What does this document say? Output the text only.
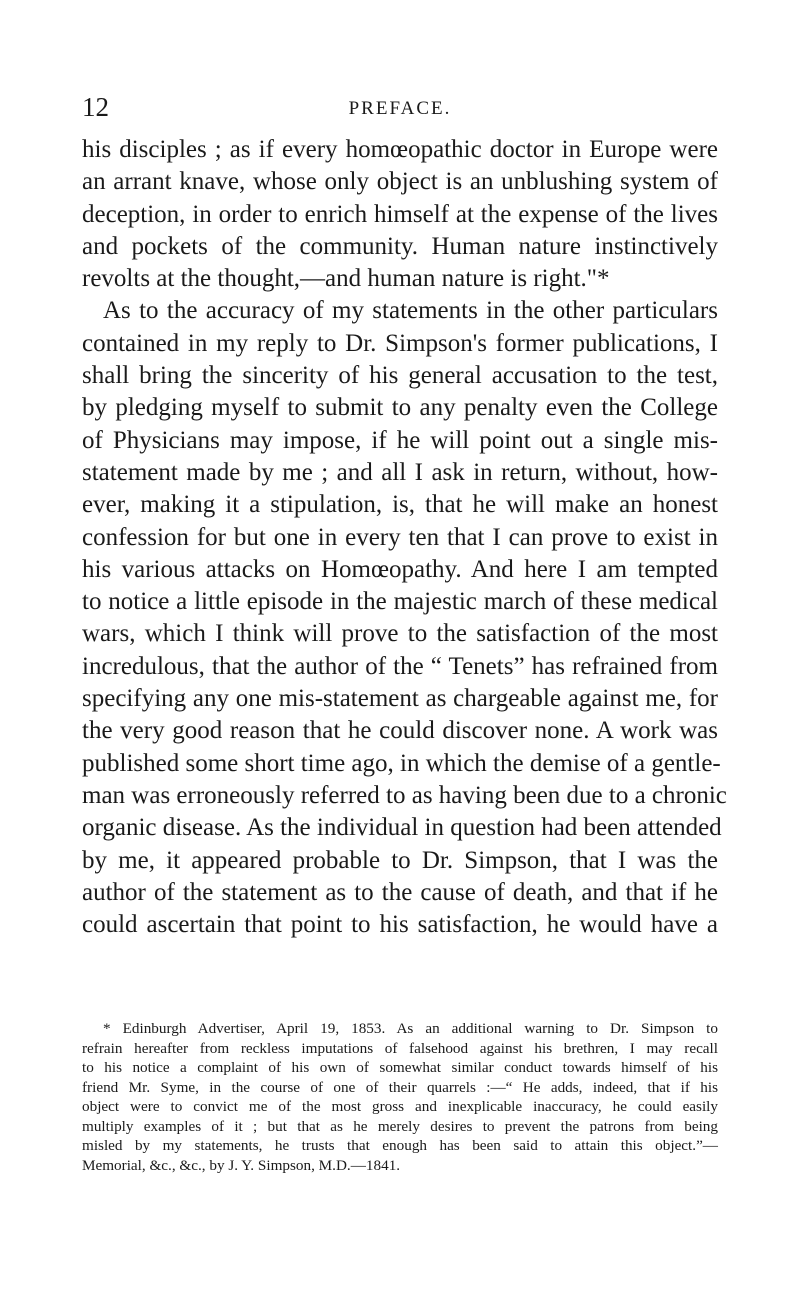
12	PREFACE.
his disciples ; as if every homœopathic doctor in Europe were
an arrant knave, whose only object is an unblushing system of
deception, in order to enrich himself at the expense of the lives
and pockets of the community. Human nature instinctively
revolts at the thought,—and human nature is right."*
As to the accuracy of my statements in the other particulars
contained in my reply to Dr. Simpson's former publications, I
shall bring the sincerity of his general accusation to the test,
by pledging myself to submit to any penalty even the College
of Physicians may impose, if he will point out a single mis-
statement made by me ; and all I ask in return, without, how-
ever, making it a stipulation, is, that he will make an honest
confession for but one in every ten that I can prove to exist in
his various attacks on Homœopathy. And here I am tempted
to notice a little episode in the majestic march of these medical
wars, which I think will prove to the satisfaction of the most
incredulous, that the author of the “ Tenets” has refrained from
specifying any one mis-statement as chargeable against me, for
the very good reason that he could discover none. A work was
published some short time ago, in which the demise of a gentle-
man was erroneously referred to as having been due to a chronic
organic disease. As the individual in question had been attended
by me, it appeared probable to Dr. Simpson, that I was the
author of the statement as to the cause of death, and that if he
could ascertain that point to his satisfaction, he would have a
* Edinburgh Advertiser, April 19, 1853. As an additional warning to Dr. Simpson to
refrain hereafter from reckless imputations of falsehood against his brethren, I may recall
to his notice a complaint of his own of somewhat similar conduct towards himself of his
friend Mr. Syme, in the course of one of their quarrels :—“ He adds, indeed, that if his
object were to convict me of the most gross and inexplicable inaccuracy, he could easily
multiply examples of it ; but that as he merely desires to prevent the patrons from being
misled by my statements, he trusts that enough has been said to attain this object.”—
Memorial, &c., &c., by J. Y. Simpson, M.D.—1841.
